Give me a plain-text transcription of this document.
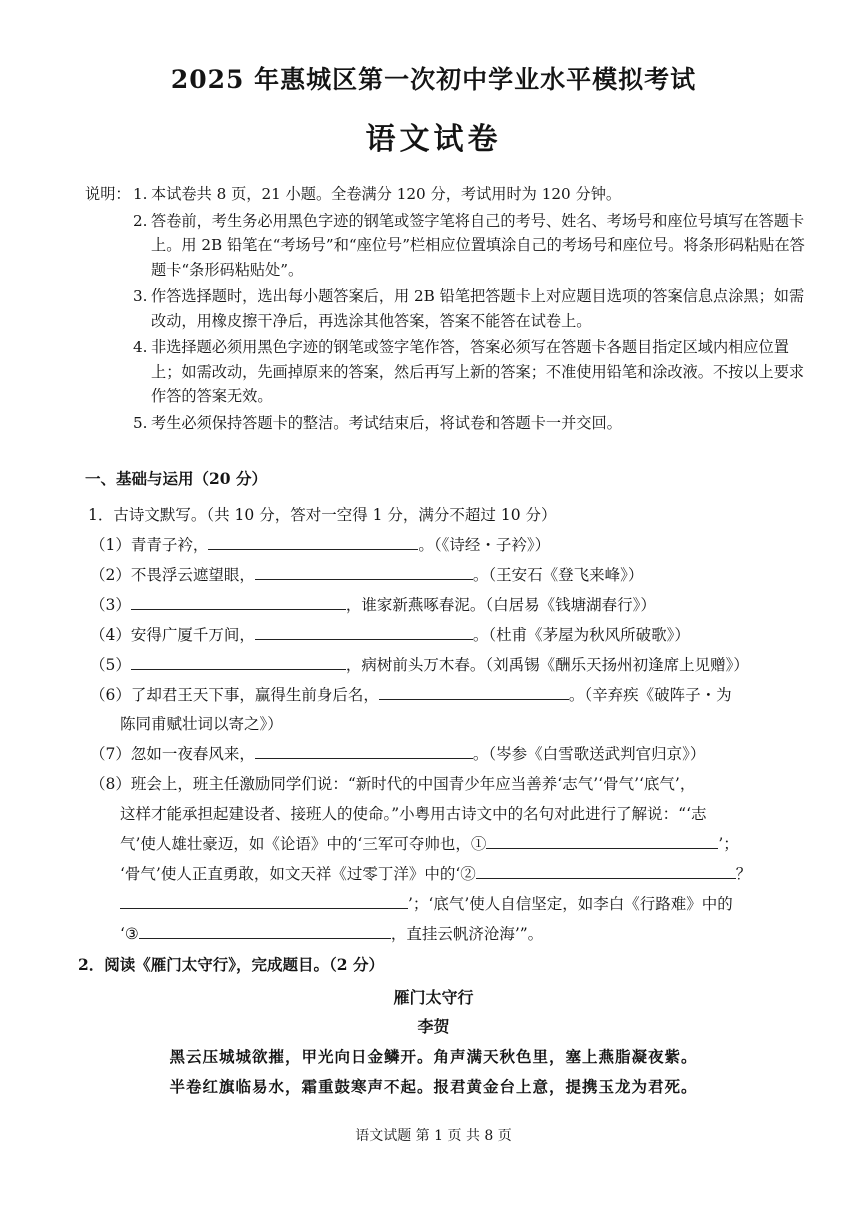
2025 年惠城区第一次初中学业水平模拟考试
语文试卷
说明： 1. 本试卷共 8 页，21 小题。全卷满分 120 分，考试用时为 120 分钟。
2. 答卷前，考生务必用黑色字迹的钢笔或签字笔将自己的考号、姓名、考场号和座位号填写在答题卡上。用 2B 铅笔在“考场号”和“座位号”栏相应位置填涂自己的考场号和座位号。将条形码粘贴在答题卡“条形码粘贴处”。
3. 作答选择题时，选出每小题答案后，用 2B 铅笔把答题卡上对应题目选项的答案信息点涂黑；如需改动，用橡皮擦干净后，再选涂其他答案，答案不能答在试卷上。
4. 非选择题必须用黑色字迹的钢笔或签字笔作答，答案必须写在答题卡各题目指定区域内相应位置上；如需改动，先画掉原来的答案，然后再写上新的答案；不准使用铅笔和涂改液。不按以上要求作答的答案无效。
5. 考生必须保持答题卡的整洁。考试结束后，将试卷和答题卡一并交回。
一、基础与运用（20 分）
1．古诗文默写。（共 10 分，答对一空得 1 分，满分不超过 10 分）
（1）青青子衿，	。（《诗经・子衿》）
（2）不畏浮云遮望眼，	。（王安石《登飞来峰》）
（3）	，谁家新燕啄春泥。（白居易《钱塘湖春行》）
（4）安得广厦千万间，	。（杜甫《茅屋为秋风所破歌》）
（5）	，病树前头万木春。（刘禹锡《酬乐天扬州初逢席上见赠》）
（6）了却君王天下事，赢得生前身后名，	。（辛弃疾《破阵子・为
陈同甫赋壮词以寄之》）
（7）忽如一夜春风来，	。（岑参《白雪歌送武判官归京》）
（8）班会上，班主任激励同学们说：“新时代的中国青少年应当善养‘志气’‘骨气’‘底气’，
这样才能承担起建设者、接班人的使命。”小粤用古诗文中的名句对此进行了解说：“‘志
气’使人雄壮豪迈，如《论语》中的‘三军可夺帅也，①	’；
‘骨气’使人正直勇敢，如文天祥《过零丁洋》中的‘②	？
’；‘底气’使人自信坚定，如李白《行路难》中的
‘③	，直挂云帆济沧海’”。
2．阅读《雁门太守行》，完成题目。（2 分）
雁门太守行
李贺
黑云压城城欲摧，甲光向日金鳞开。角声满天秋色里，塞上燕脂凝夜紫。
半卷红旗临易水，霜重鼓寒声不起。报君黄金台上意，提携玉龙为君死。
语文试题 第 1 页 共 8 页
